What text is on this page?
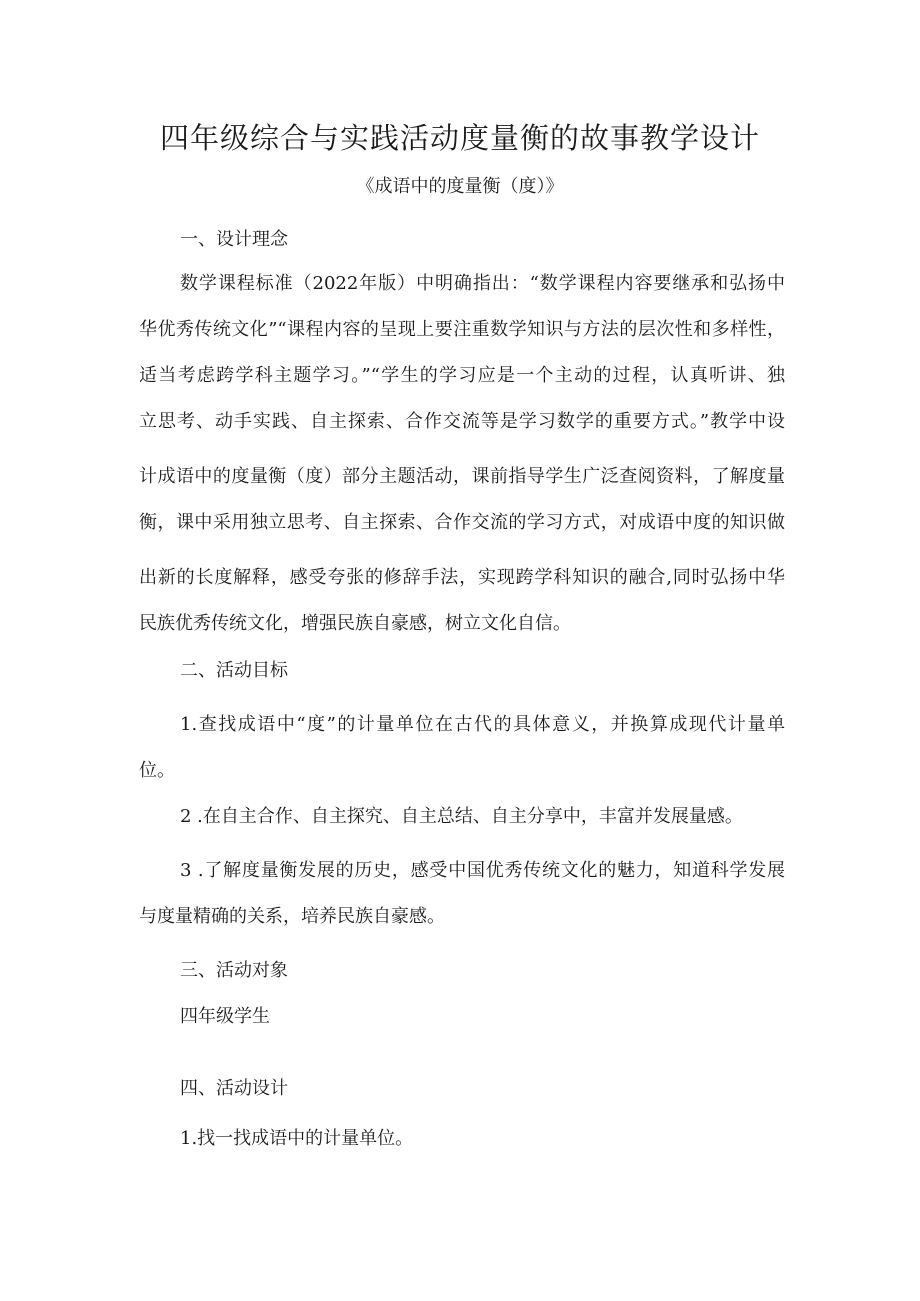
四年级综合与实践活动度量衡的故事教学设计

《成语中的度量衡（度）》

一、设计理念

数学课程标准（2022年版）中明确指出：“数学课程内容要继承和弘扬中

华优秀传统文化”“课程内容的呈现上要注重数学知识与方法的层次性和多样性，

适当考虑跨学科主题学习。”“学生的学习应是一个主动的过程，认真听讲、独

立思考、动手实践、自主探索、合作交流等是学习数学的重要方式。”教学中设

计成语中的度量衡（度）部分主题活动，课前指导学生广泛查阅资料，了解度量

衡，课中采用独立思考、自主探索、合作交流的学习方式，对成语中度的知识做

出新的长度解释，感受夸张的修辞手法，实现跨学科知识的融合,同时弘扬中华

民族优秀传统文化，增强民族自豪感，树立文化自信。

二、活动目标

1.查找成语中“度”的计量单位在古代的具体意义，并换算成现代计量单

位。

2 .在自主合作、自主探究、自主总结、自主分享中，丰富并发展量感。

3 .了解度量衡发展的历史，感受中国优秀传统文化的魅力，知道科学发展

与度量精确的关系，培养民族自豪感。

三、活动对象

四年级学生

四、活动设计

1.找一找成语中的计量单位。
